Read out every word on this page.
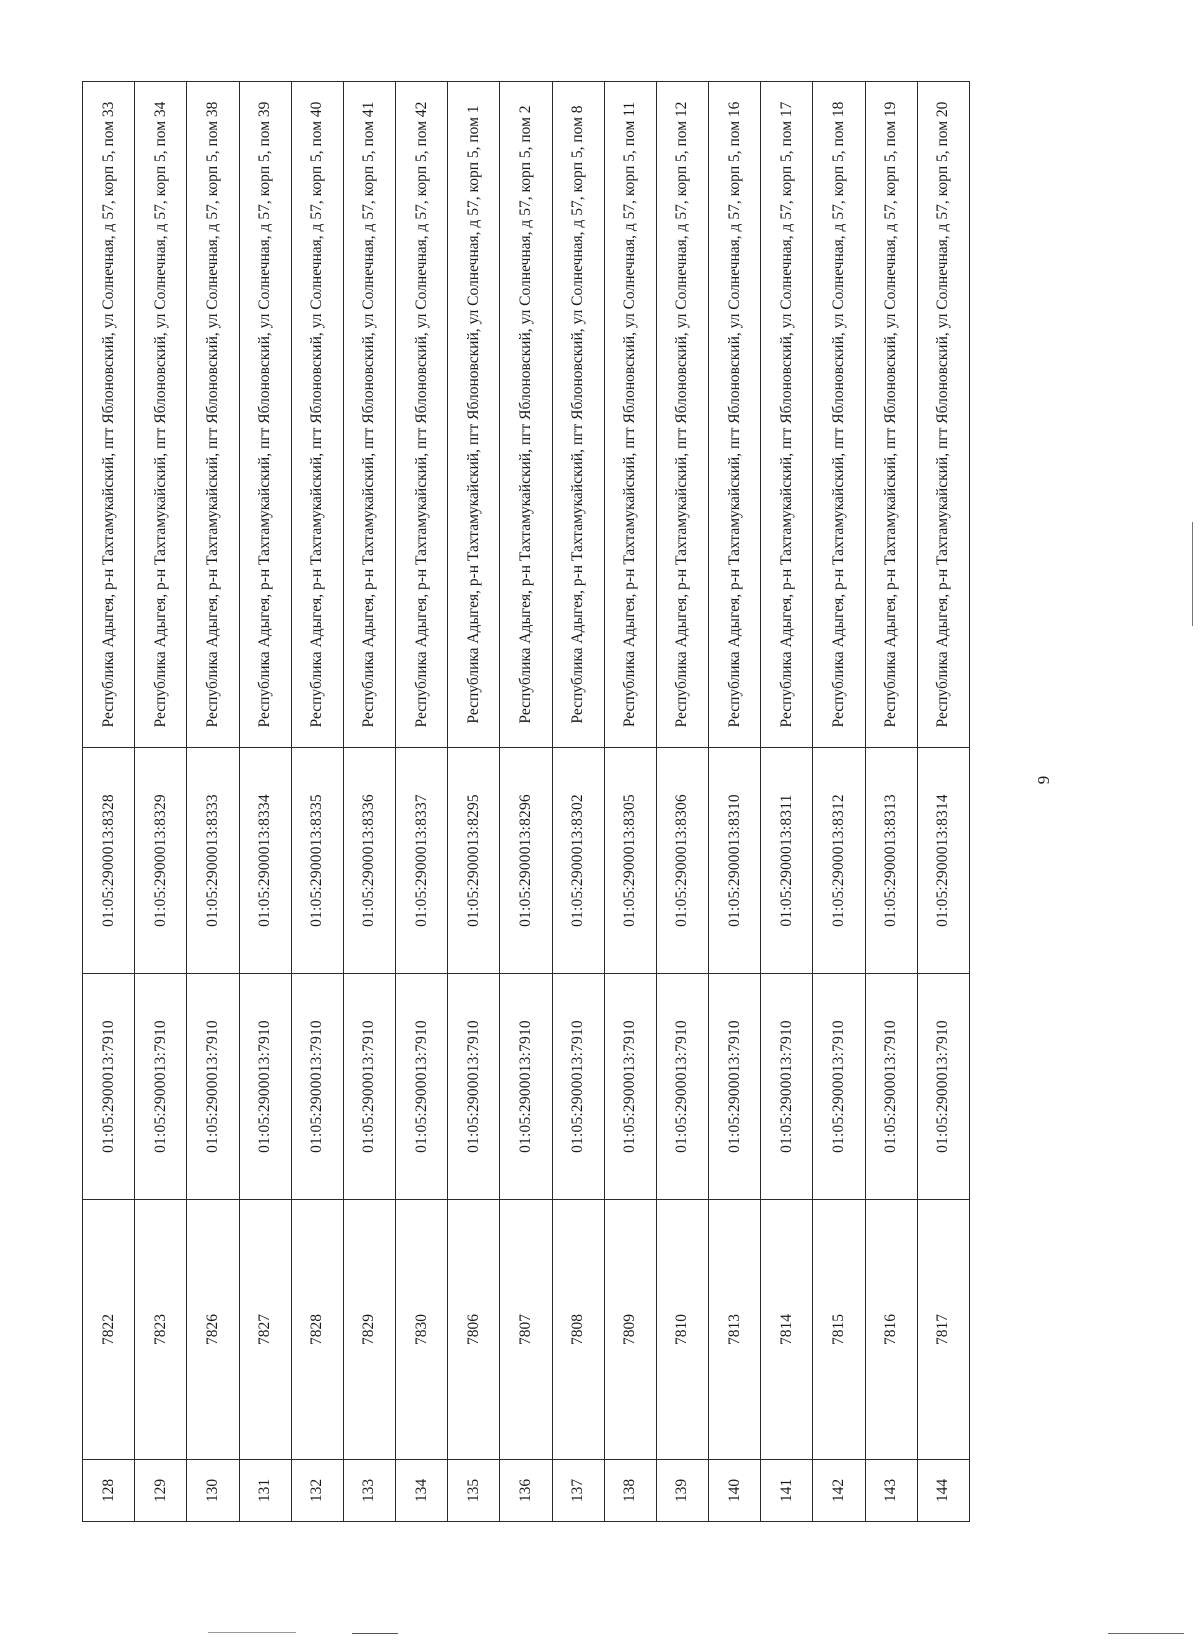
128	7822	01:05:2900013:7910	01:05:2900013:8328	Республика Адыгея, р-н Тахтамукайский, пгт Яблоновский, ул Солнечная, д 57, корп 5, пом 33
129	7823	01:05:2900013:7910	01:05:2900013:8329	Республика Адыгея, р-н Тахтамукайский, пгт Яблоновский, ул Солнечная, д 57, корп 5, пом 34
130	7826	01:05:2900013:7910	01:05:2900013:8333	Республика Адыгея, р-н Тахтамукайский, пгт Яблоновский, ул Солнечная, д 57, корп 5, пом 38
131	7827	01:05:2900013:7910	01:05:2900013:8334	Республика Адыгея, р-н Тахтамукайский, пгт Яблоновский, ул Солнечная, д 57, корп 5, пом 39
132	7828	01:05:2900013:7910	01:05:2900013:8335	Республика Адыгея, р-н Тахтамукайский, пгт Яблоновский, ул Солнечная, д 57, корп 5, пом 40
133	7829	01:05:2900013:7910	01:05:2900013:8336	Республика Адыгея, р-н Тахтамукайский, пгт Яблоновский, ул Солнечная, д 57, корп 5, пом 41
134	7830	01:05:2900013:7910	01:05:2900013:8337	Республика Адыгея, р-н Тахтамукайский, пгт Яблоновский, ул Солнечная, д 57, корп 5, пом 42
135	7806	01:05:2900013:7910	01:05:2900013:8295	Республика Адыгея, р-н Тахтамукайский, пгт Яблоновский, ул Солнечная, д 57, корп 5, пом 1
136	7807	01:05:2900013:7910	01:05:2900013:8296	Республика Адыгея, р-н Тахтамукайский, пгт Яблоновский, ул Солнечная, д 57, корп 5, пом 2
137	7808	01:05:2900013:7910	01:05:2900013:8302	Республика Адыгея, р-н Тахтамукайский, пгт Яблоновский, ул Солнечная, д 57, корп 5, пом 8
138	7809	01:05:2900013:7910	01:05:2900013:8305	Республика Адыгея, р-н Тахтамукайский, пгт Яблоновский, ул Солнечная, д 57, корп 5, пом 11
139	7810	01:05:2900013:7910	01:05:2900013:8306	Республика Адыгея, р-н Тахтамукайский, пгт Яблоновский, ул Солнечная, д 57, корп 5, пом 12
140	7813	01:05:2900013:7910	01:05:2900013:8310	Республика Адыгея, р-н Тахтамукайский, пгт Яблоновский, ул Солнечная, д 57, корп 5, пом 16
141	7814	01:05:2900013:7910	01:05:2900013:8311	Республика Адыгея, р-н Тахтамукайский, пгт Яблоновский, ул Солнечная, д 57, корп 5, пом 17
142	7815	01:05:2900013:7910	01:05:2900013:8312	Республика Адыгея, р-н Тахтамукайский, пгт Яблоновский, ул Солнечная, д 57, корп 5, пом 18
143	7816	01:05:2900013:7910	01:05:2900013:8313	Республика Адыгея, р-н Тахтамукайский, пгт Яблоновский, ул Солнечная, д 57, корп 5, пом 19
144	7817	01:05:2900013:7910	01:05:2900013:8314	Республика Адыгея, р-н Тахтамукайский, пгт Яблоновский, ул Солнечная, д 57, корп 5, пом 20
9
